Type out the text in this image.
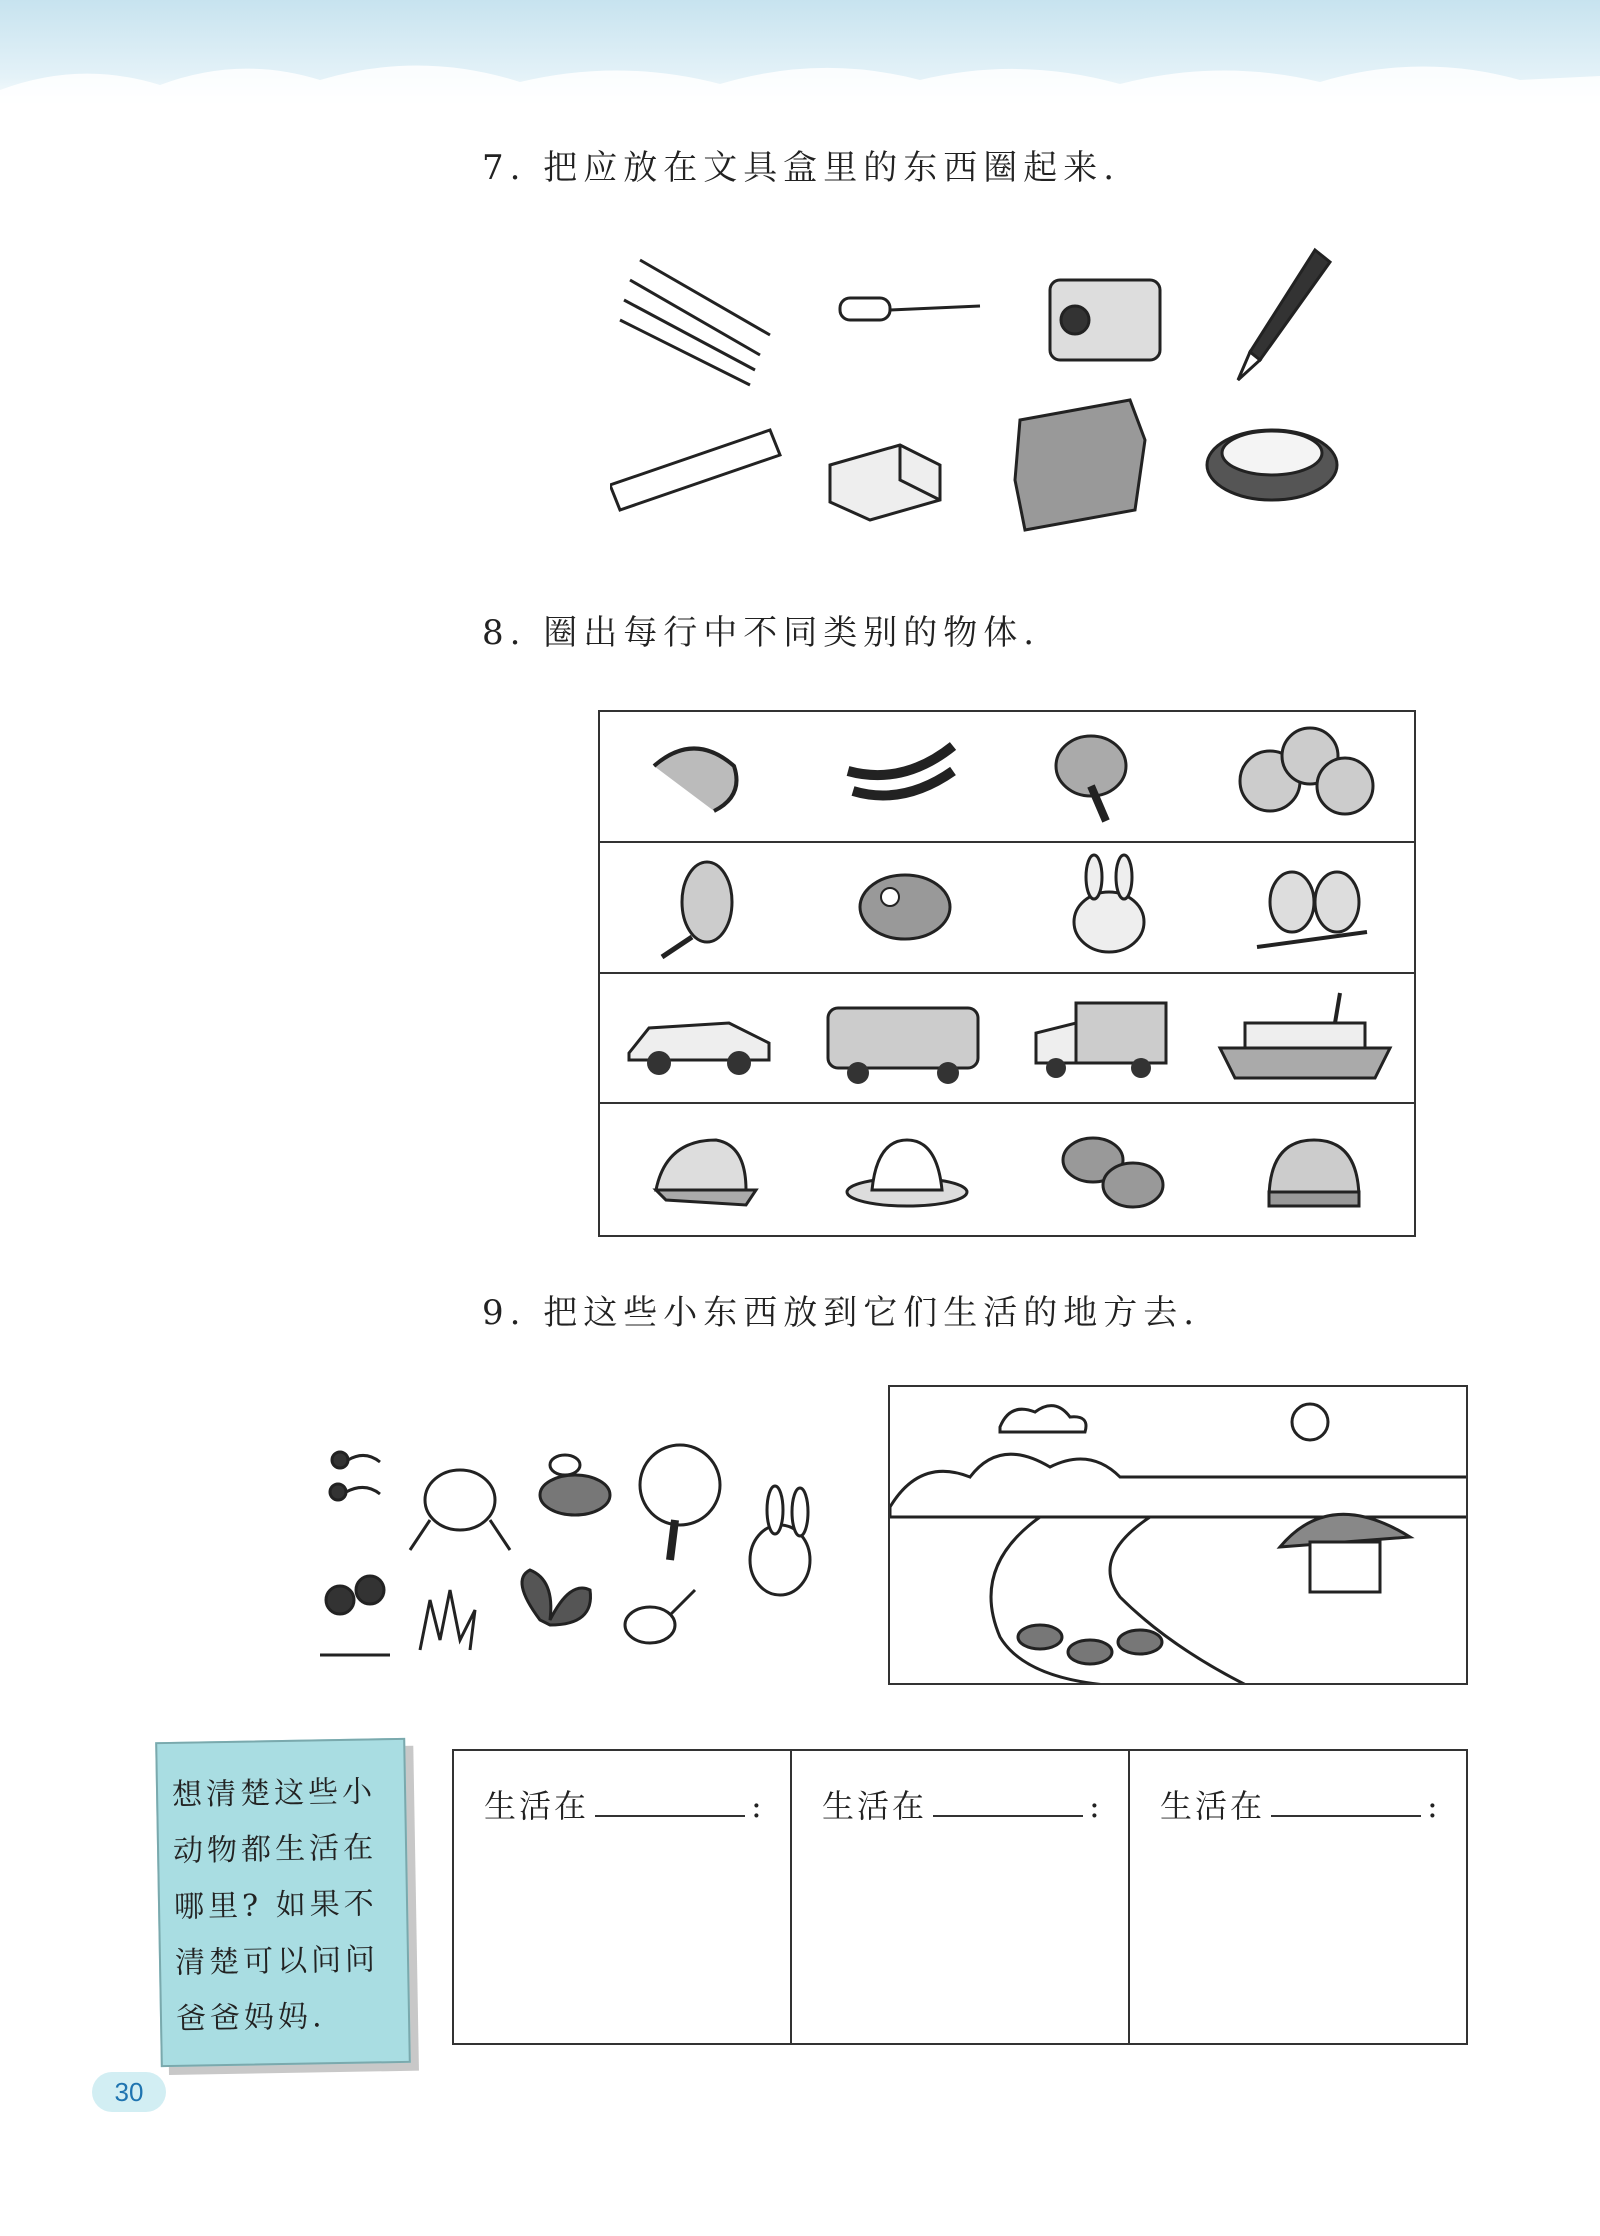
7. 把应放在文具盒里的东西圈起来.
8. 圈出每行中不同类别的物体.
9. 把这些小东西放到它们生活的地方去.

想清楚这些小

动物都生活在

哪里? 如果不

清楚可以问问

爸爸妈妈.

生活在	:	生活在	:	生活在	:
30
